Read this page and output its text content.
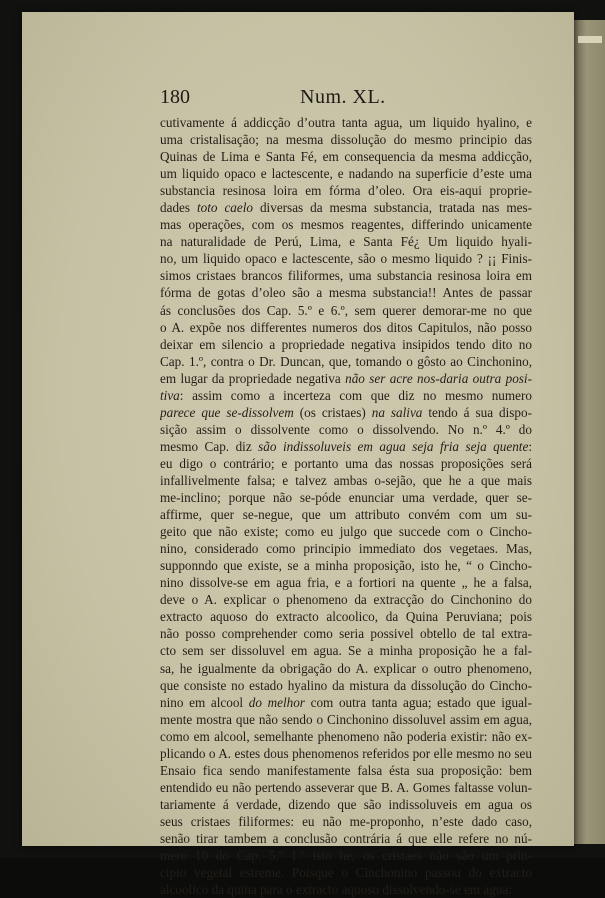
180	Num. XL.
cutivamente á addicção d’outra tanta agua, um liquido hyalino, e
uma cristalisação; na mesma dissolução do mesmo principio das
Quinas de Lima e Santa Fé, em consequencia da mesma addicção,
um liquido opaco e lactescente, e nadando na superficie d’este uma
substancia resinosa loira em fórma d’oleo. Ora eis-aqui proprie-
dades toto caelo diversas da mesma substancia, tratada nas mes-
mas operações, com os mesmos reagentes, differindo unicamente
na naturalidade de Perú, Lima, e Santa Fé¿ Um liquido hyali-
no, um liquido opaco e lactescente, são o mesmo liquido ? ¡¡ Finis-
simos cristaes brancos filiformes, uma substancia resinosa loira em
fórma de gotas d’oleo são a mesma substancia!! Antes de passar
ás conclusões dos Cap. 5.º e 6.º, sem querer demorar-me no que
o A. expõe nos differentes numeros dos ditos Capitulos, não posso
deixar em silencio a propriedade negativa insipidos tendo dito no
Cap. 1.º, contra o Dr. Duncan, que, tomando o gôsto ao Cinchonino,
em lugar da propriedade negativa não ser acre nos-daria outra posi-
tiva: assim como a incerteza com que diz no mesmo numero
parece que se-dissolvem (os cristaes) na saliva tendo á sua dispo-
sição assim o dissolvente como o dissolvendo. No n.º 4.º do
mesmo Cap. diz são indissoluveis em agua seja fria seja quente:
eu digo o contrário; e portanto uma das nossas proposições será
infallivelmente falsa; e talvez ambas o-sejão, que he a que mais
me-inclino; porque não se-póde enunciar uma verdade, quer se-
affirme, quer se-negue, que um attributo convém com um su-
geito que não existe; como eu julgo que succede com o Cincho-
nino, considerado como principio immediato dos vegetaes. Mas,
supponndo que existe, se a minha proposição, isto he, “ o Cincho-
nino dissolve-se em agua fria, e a fortiori na quente „ he a falsa,
deve o A. explicar o phenomeno da extracção do Cinchonino do
extracto aquoso do extracto alcoolico, da Quina Peruviana; pois
não posso comprehender como seria possivel obtello de tal extra-
cto sem ser dissoluvel em agua. Se a minha proposição he a fal-
sa, he igualmente da obrigação do A. explicar o outro phenomeno,
que consiste no estado hyalino da mistura da dissolução do Cincho-
nino em alcool do melhor com outra tanta agua; estado que igual-
mente mostra que não sendo o Cinchonino dissoluvel assim em agua,
como em alcool, semelhante phenomeno não poderia existir: não ex-
plicando o A. estes dous phenomenos referidos por elle mesmo no seu
Ensaio fica sendo manifestamente falsa ésta sua proposição: bem
entendido eu não pertendo asseverar que B. A. Gomes faltasse volun-
tariamente á verdade, dizendo que são indissoluveis em agua os
seus cristaes filiformes: eu não me-proponho, n’este dado caso,
senão tirar tambem a conclusão contrária á que elle refere no nú-
mero 10 do Cap. 5.º 1.º isto he, os cristaes não são um prin-
cipio vegetal estreme. Poisque o Cinchonino passou do extracto
alcoolico da quina para o extracto aquoso dissolvendo-se em agua:
